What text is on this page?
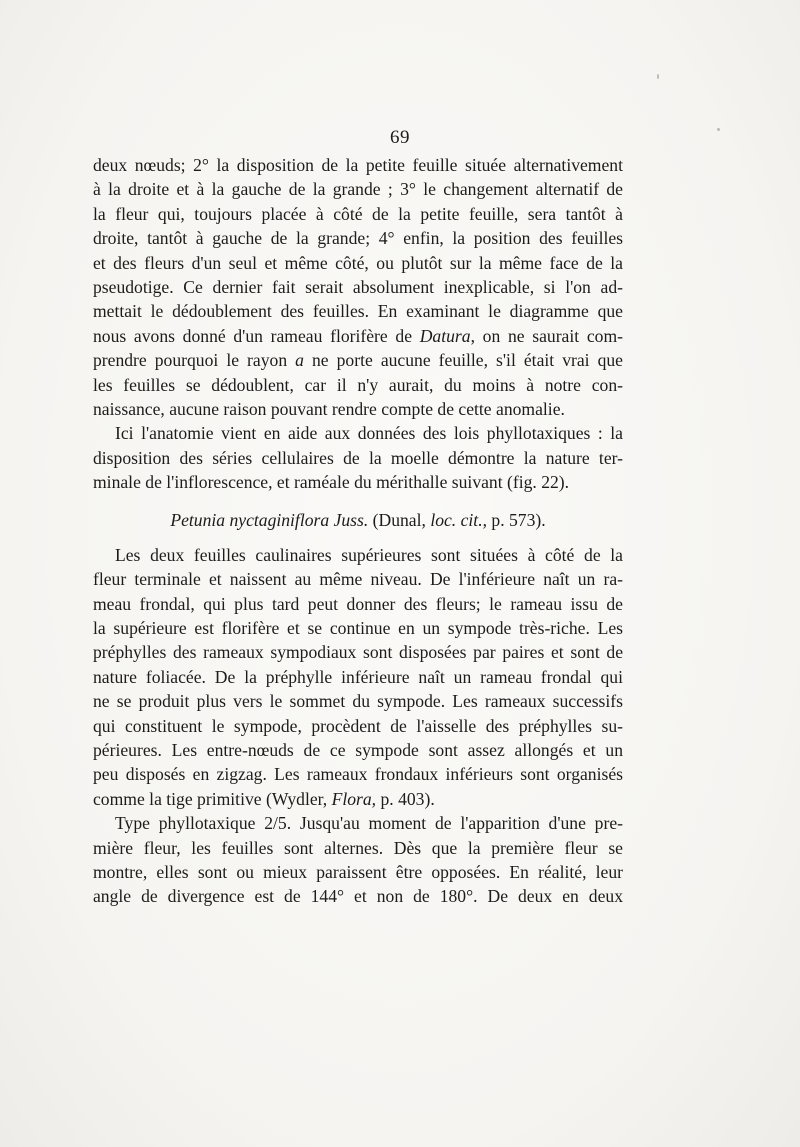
69
deux nœuds; 2° la disposition de la petite feuille située alternativement
à la droite et à la gauche de la grande ; 3° le changement alternatif de
la fleur qui, toujours placée à côté de la petite feuille, sera tantôt à
droite, tantôt à gauche de la grande; 4° enfin, la position des feuilles
et des fleurs d'un seul et même côté, ou plutôt sur la même face de la
pseudotige. Ce dernier fait serait absolument inexplicable, si l'on ad-
mettait le dédoublement des feuilles. En examinant le diagramme que
nous avons donné d'un rameau florifère de Datura, on ne saurait com-
prendre pourquoi le rayon a ne porte aucune feuille, s'il était vrai que
les feuilles se dédoublent, car il n'y aurait, du moins à notre con-
naissance, aucune raison pouvant rendre compte de cette anomalie.
Ici l'anatomie vient en aide aux données des lois phyllotaxiques : la
disposition des séries cellulaires de la moelle démontre la nature ter-
minale de l'inflorescence, et raméale du mérithalle suivant (fig. 22).
Petunia nyctaginiflora Juss. (Dunal, loc. cit., p. 573).
Les deux feuilles caulinaires supérieures sont situées à côté de la
fleur terminale et naissent au même niveau. De l'inférieure naît un ra-
meau frondal, qui plus tard peut donner des fleurs; le rameau issu de
la supérieure est florifère et se continue en un sympode très-riche. Les
préphylles des rameaux sympodiaux sont disposées par paires et sont de
nature foliacée. De la préphylle inférieure naît un rameau frondal qui
ne se produit plus vers le sommet du sympode. Les rameaux successifs
qui constituent le sympode, procèdent de l'aisselle des préphylles su-
périeures. Les entre-nœuds de ce sympode sont assez allongés et un
peu disposés en zigzag. Les rameaux frondaux inférieurs sont organisés
comme la tige primitive (Wydler, Flora, p. 403).
Type phyllotaxique 2/5. Jusqu'au moment de l'apparition d'une pre-
mière fleur, les feuilles sont alternes. Dès que la première fleur se
montre, elles sont ou mieux paraissent être opposées. En réalité, leur
angle de divergence est de 144° et non de 180°. De deux en deux
